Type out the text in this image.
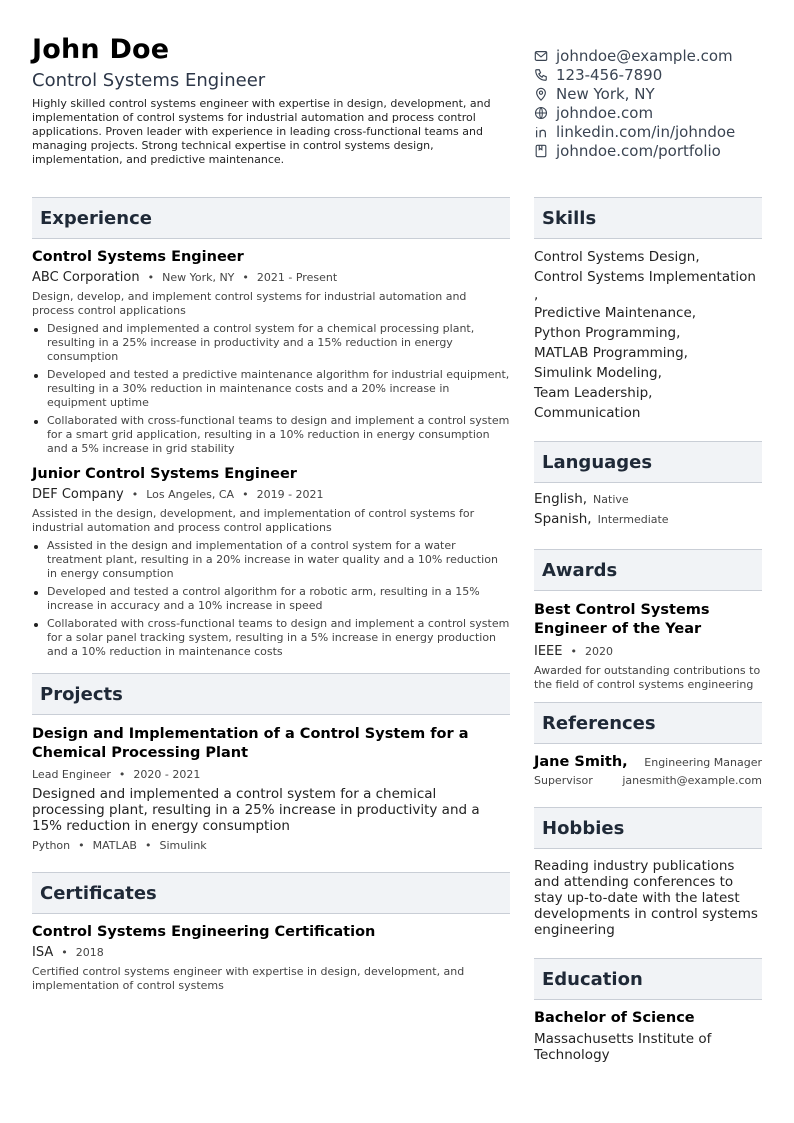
John Doe
Control Systems Engineer
Highly skilled control systems engineer with expertise in design, development, and implementation of control systems for industrial automation and process control applications. Proven leader with experience in leading cross-functional teams and managing projects. Strong technical expertise in control systems design, implementation, and predictive maintenance.
johndoe@example.com
123-456-7890
New York, NY
johndoe.com
linkedin.com/in/johndoe
johndoe.com/portfolio
Experience
Control Systems Engineer
ABC Corporation • New York, NY • 2021 - Present
Design, develop, and implement control systems for industrial automation and process control applications
Designed and implemented a control system for a chemical processing plant, resulting in a 25% increase in productivity and a 15% reduction in energy consumption
Developed and tested a predictive maintenance algorithm for industrial equipment, resulting in a 30% reduction in maintenance costs and a 20% increase in equipment uptime
Collaborated with cross-functional teams to design and implement a control system for a smart grid application, resulting in a 10% reduction in energy consumption and a 5% increase in grid stability
Junior Control Systems Engineer
DEF Company • Los Angeles, CA • 2019 - 2021
Assisted in the design, development, and implementation of control systems for industrial automation and process control applications
Assisted in the design and implementation of a control system for a water treatment plant, resulting in a 20% increase in water quality and a 10% reduction in energy consumption
Developed and tested a control algorithm for a robotic arm, resulting in a 15% increase in accuracy and a 10% increase in speed
Collaborated with cross-functional teams to design and implement a control system for a solar panel tracking system, resulting in a 5% increase in energy production and a 10% reduction in maintenance costs
Projects
Design and Implementation of a Control System for a Chemical Processing Plant
Lead Engineer • 2020 - 2021
Designed and implemented a control system for a chemical processing plant, resulting in a 25% increase in productivity and a 15% reduction in energy consumption
Python • MATLAB • Simulink
Certificates
Control Systems Engineering Certification
ISA • 2018
Certified control systems engineer with expertise in design, development, and implementation of control systems
Skills
Control Systems Design,
Control Systems Implementation
,
Predictive Maintenance,
Python Programming,
MATLAB Programming,
Simulink Modeling,
Team Leadership,
Communication
Languages
English, Native
Spanish, Intermediate
Awards
Best Control Systems Engineer of the Year
IEEE • 2020
Awarded for outstanding contributions to the field of control systems engineering
References
Jane Smith, Engineering Manager
Supervisor	janesmith@example.com
Hobbies
Reading industry publications and attending conferences to stay up-to-date with the latest developments in control systems engineering
Education
Bachelor of Science
Massachusetts Institute of Technology
